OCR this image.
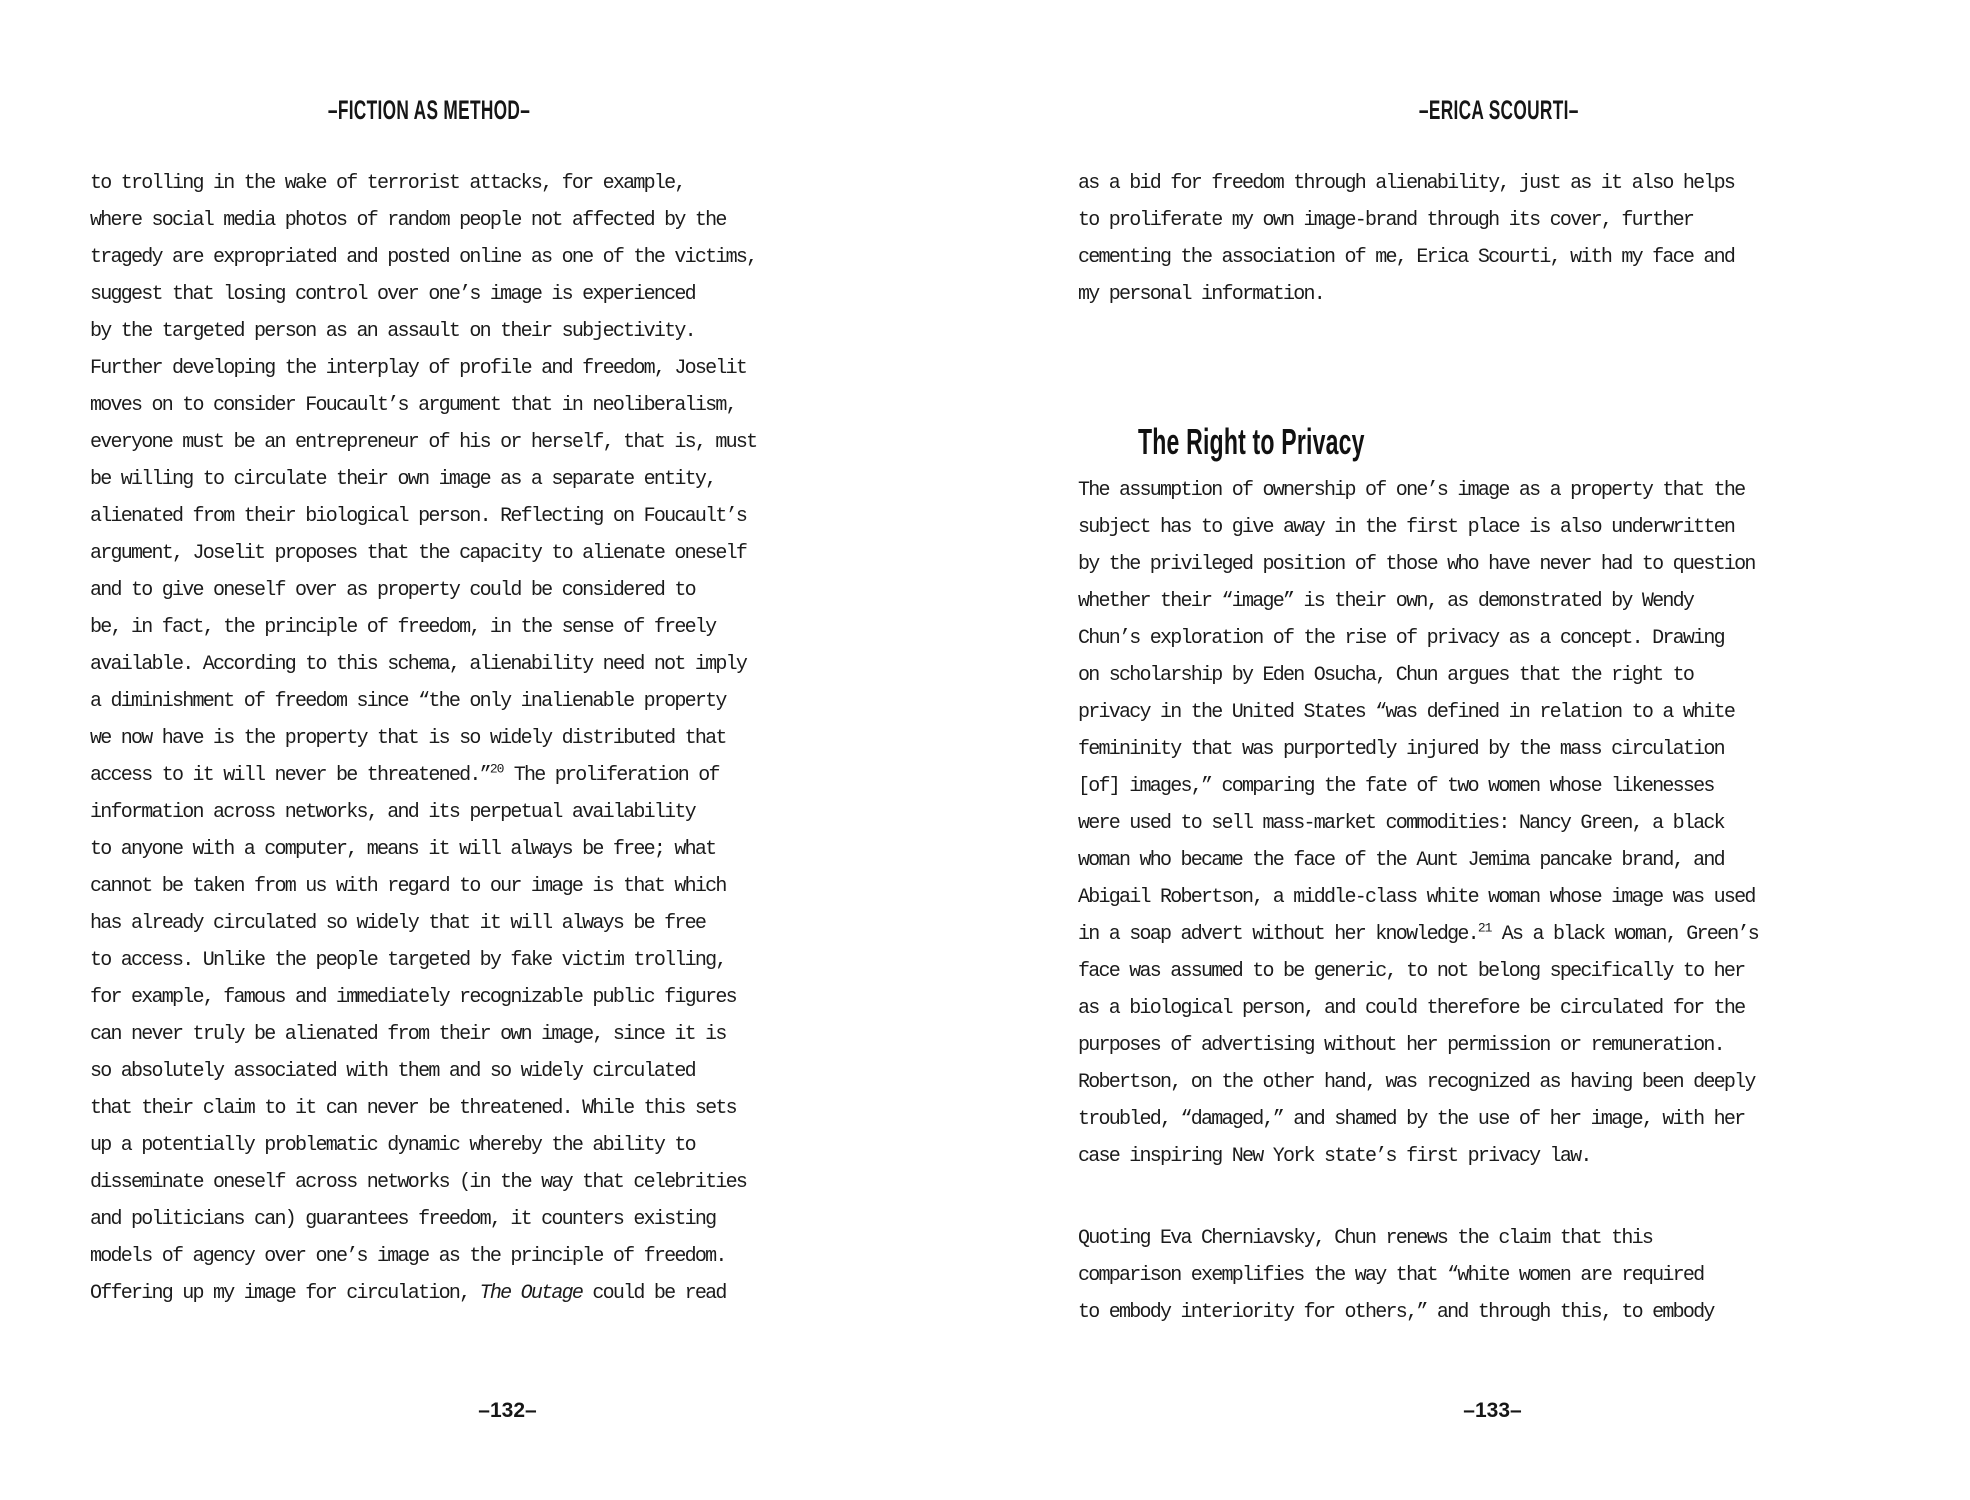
–FICTION AS METHOD–

to trolling in the wake of terrorist attacks, for example,
where social media photos of random people not affected by the
tragedy are expropriated and posted online as one of the victims,
suggest that losing control over one’s image is experienced
by the targeted person as an assault on their subjectivity.
Further developing the interplay of profile and freedom, Joselit
moves on to consider Foucault’s argument that in neoliberalism,
everyone must be an entrepreneur of his or herself, that is, must
be willing to circulate their own image as a separate entity,
alienated from their biological person. Reflecting on Foucault’s
argument, Joselit proposes that the capacity to alienate oneself
and to give oneself over as property could be considered to
be, in fact, the principle of freedom, in the sense of freely
available. According to this schema, alienability need not imply
a diminishment of freedom since “the only inalienable property
we now have is the property that is so widely distributed that
access to it will never be threatened.”$^{20}$ The proliferation of
information across networks, and its perpetual availability
to anyone with a computer, means it will always be free; what
cannot be taken from us with regard to our image is that which
has already circulated so widely that it will always be free
to access. Unlike the people targeted by fake victim trolling,
for example, famous and immediately recognizable public figures
can never truly be alienated from their own image, since it is
so absolutely associated with them and so widely circulated
that their claim to it can never be threatened. While this sets
up a potentially problematic dynamic whereby the ability to
disseminate oneself across networks (in the way that celebrities
and politicians can) guarantees freedom, it counters existing
models of agency over one’s image as the principle of freedom.
Offering up my image for circulation, The Outage could be read

–132–

–ERICA SCOURTI–

as a bid for freedom through alienability, just as it also helps
to proliferate my own image-brand through its cover, further
cementing the association of me, Erica Scourti, with my face and
my personal information.

The Right to Privacy

The assumption of ownership of one’s image as a property that the
subject has to give away in the first place is also underwritten
by the privileged position of those who have never had to question
whether their “image” is their own, as demonstrated by Wendy
Chun’s exploration of the rise of privacy as a concept. Drawing
on scholarship by Eden Osucha, Chun argues that the right to
privacy in the United States “was defined in relation to a white
femininity that was purportedly injured by the mass circulation
[of] images,” comparing the fate of two women whose likenesses
were used to sell mass-market commodities: Nancy Green, a black
woman who became the face of the Aunt Jemima pancake brand, and
Abigail Robertson, a middle-class white woman whose image was used
in a soap advert without her knowledge.$^{21}$ As a black woman, Green’s
face was assumed to be generic, to not belong specifically to her
as a biological person, and could therefore be circulated for the
purposes of advertising without her permission or remuneration.
Robertson, on the other hand, was recognized as having been deeply
troubled, “damaged,” and shamed by the use of her image, with her
case inspiring New York state’s first privacy law.
Quoting Eva Cherniavsky, Chun renews the claim that this
comparison exemplifies the way that “white women are required
to embody interiority for others,” and through this, to embody

–133–
